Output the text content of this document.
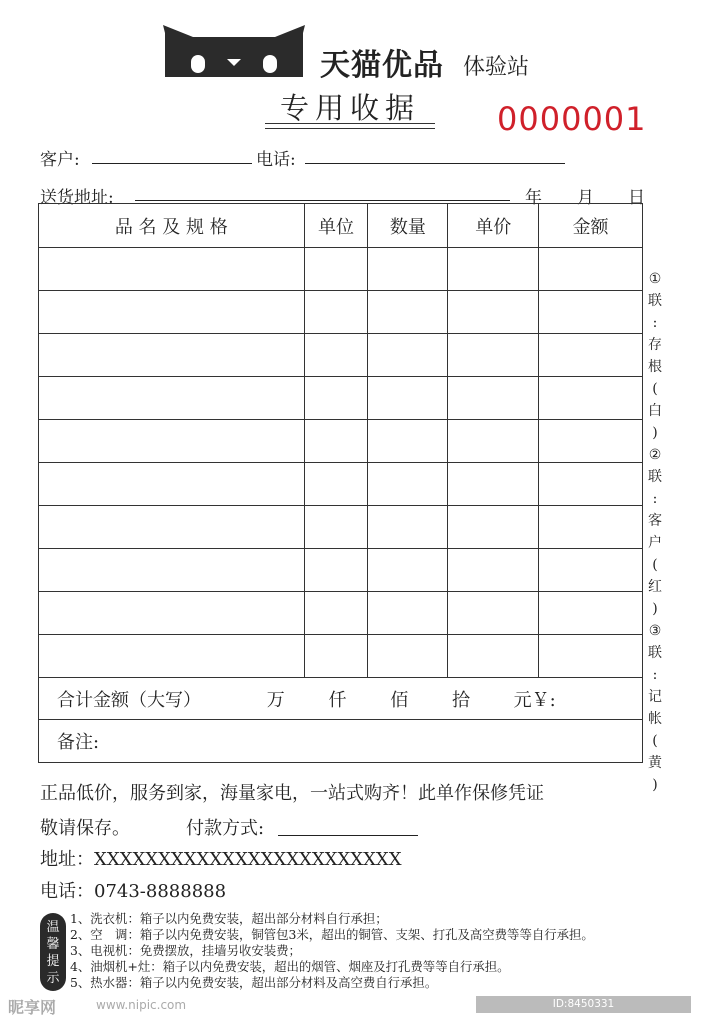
天猫优品 体验站
专用收据	0000001
客户:	电话:
送货地址:	年 月 日
品 名 及 规 格	单位	数量	单价	金额

合计金额（大写） 万 仟 佰 拾 元￥:				
备注:				
①
联
:
存
根
(
白
)
②
联
:
客
户
(
红
)
③
联
:
记
帐
(
黄
)
正品低价，服务到家，海量家电，一站式购齐！此单作保修凭证
敬请保存。	付款方式:
地址：XXXXXXXXXXXXXXXXXXXXXXXX
电话：0743-8888888
温
馨
提
示
1、洗衣机：箱子以内免费安装，超出部分材料自行承担；
2、空　调：箱子以内免费安装，铜管包3米，超出的铜管、支架、打孔及高空费等等自行承担。
3、电视机：免费摆放，挂墙另收安装费；
4、油烟机+灶：箱子以内免费安装，超出的烟管、烟座及打孔费等等自行承担。
5、热水器：箱子以内免费安装，超出部分材料及高空费自行承担。
昵享网	www.nipic.com	ID:8450331 NO:20221129142839954107
